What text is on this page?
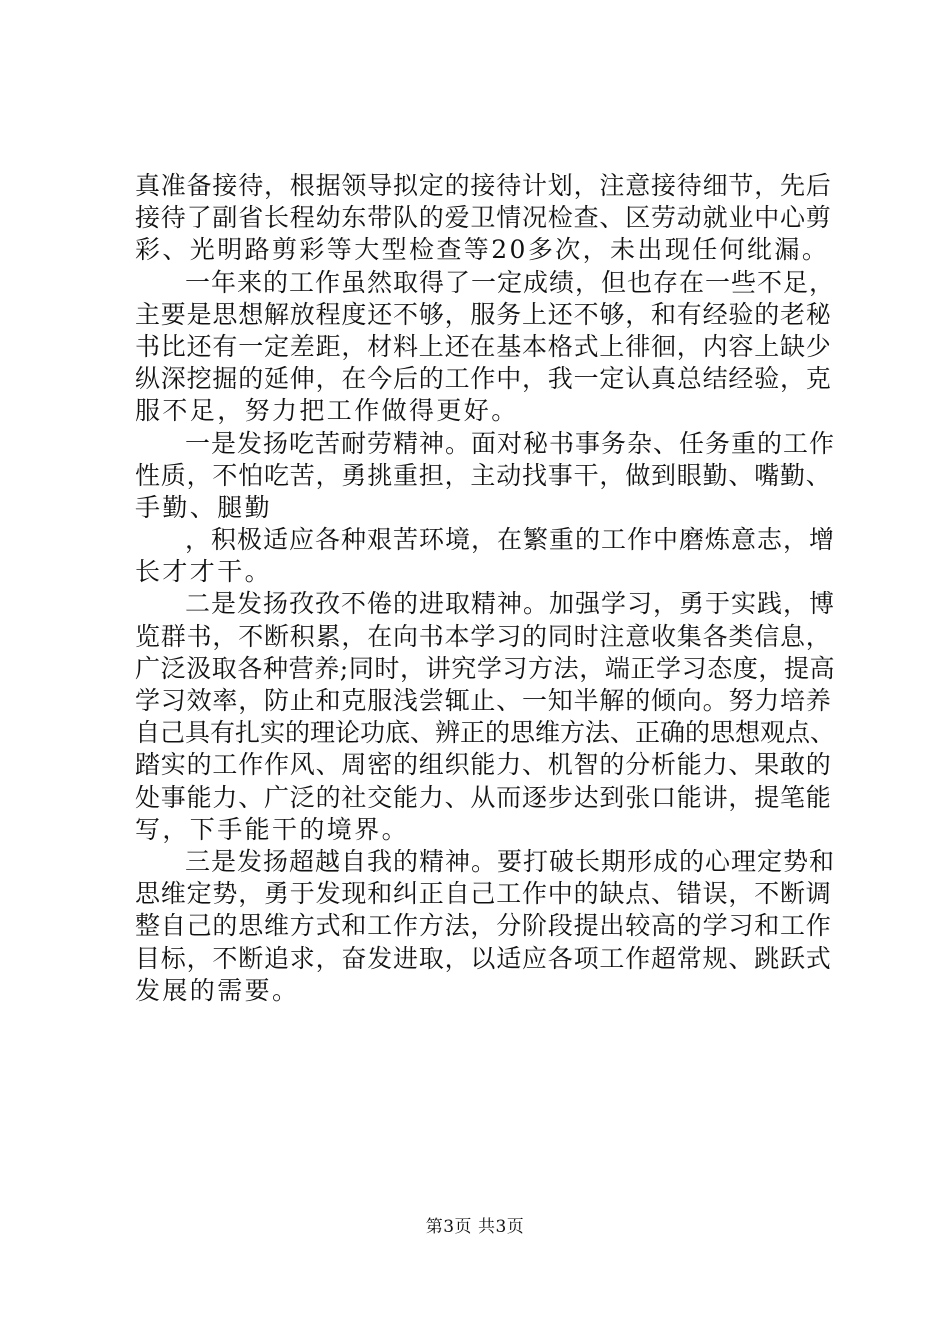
真准备接待，根据领导拟定的接待计划，注意接待细节，先后
接待了副省长程幼东带队的爱卫情况检查、区劳动就业中心剪
彩、光明路剪彩等大型检查等20多次，未出现任何纰漏。
一年来的工作虽然取得了一定成绩，但也存在一些不足，
主要是思想解放程度还不够，服务上还不够，和有经验的老秘
书比还有一定差距，材料上还在基本格式上徘徊，内容上缺少
纵深挖掘的延伸，在今后的工作中，我一定认真总结经验，克
服不足，努力把工作做得更好。
一是发扬吃苦耐劳精神。面对秘书事务杂、任务重的工作
性质，不怕吃苦，勇挑重担，主动找事干，做到眼勤、嘴勤、
手勤、腿勤
，积极适应各种艰苦环境，在繁重的工作中磨炼意志，增
长才才干。
二是发扬孜孜不倦的进取精神。加强学习，勇于实践，博
览群书，不断积累，在向书本学习的同时注意收集各类信息，
广泛汲取各种营养;同时，讲究学习方法，端正学习态度，提高
学习效率，防止和克服浅尝辄止、一知半解的倾向。努力培养
自己具有扎实的理论功底、辨正的思维方法、正确的思想观点、
踏实的工作作风、周密的组织能力、机智的分析能力、果敢的
处事能力、广泛的社交能力、从而逐步达到张口能讲，提笔能
写，下手能干的境界。
三是发扬超越自我的精神。要打破长期形成的心理定势和
思维定势，勇于发现和纠正自己工作中的缺点、错误，不断调
整自己的思维方式和工作方法，分阶段提出较高的学习和工作
目标，不断追求，奋发进取，以适应各项工作超常规、跳跃式
发展的需要。
第3页 共3页
